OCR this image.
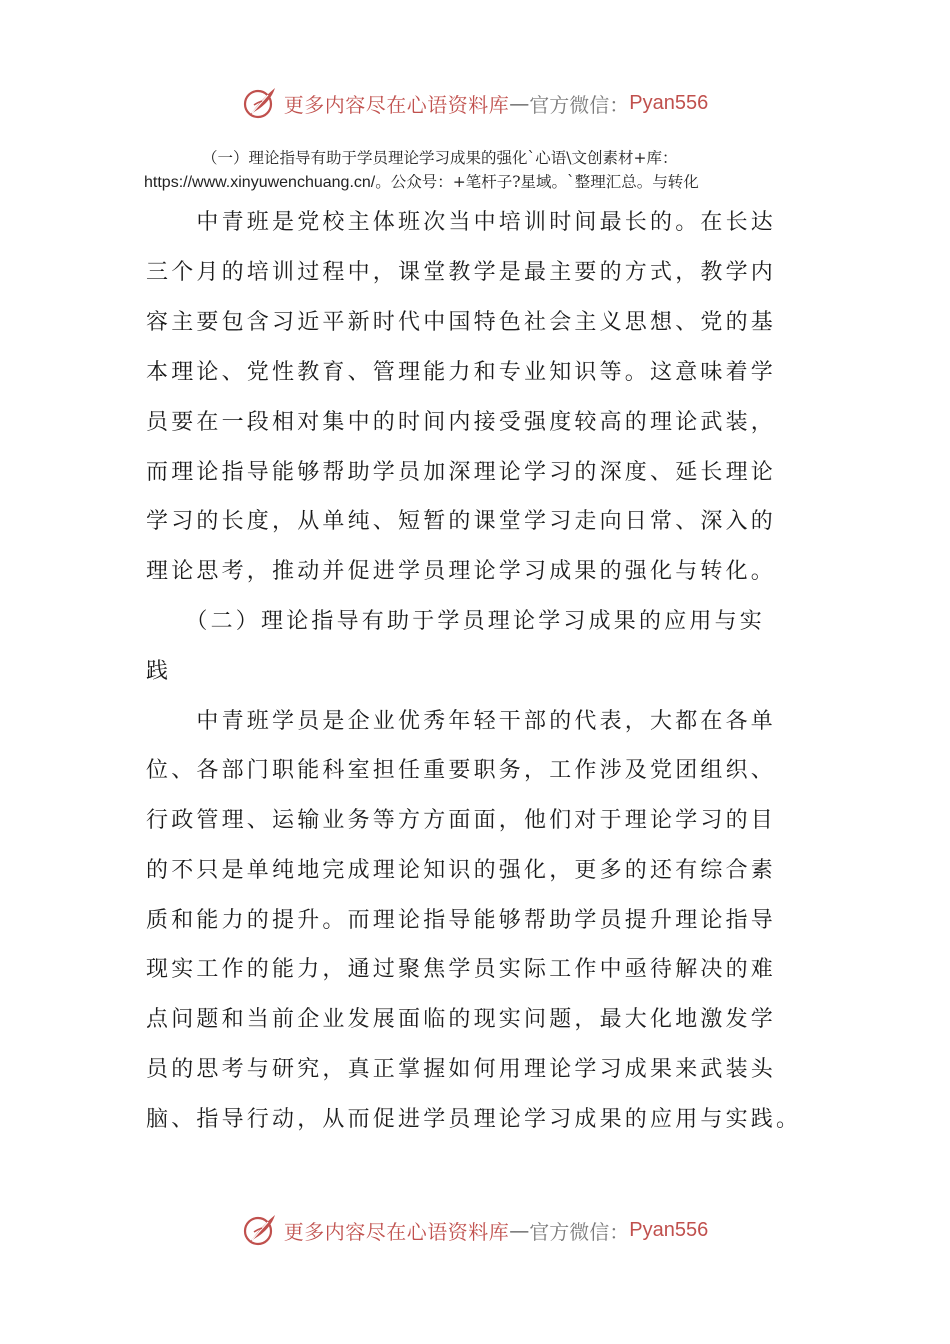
更多内容尽在心语资料库 — 官方微信： Pyan556
（一）理论指导有助于学员理论学习成果的强化`心语\文创素材+库：
https://www.xinyuwenchuang.cn/。公众号：+笔杆子?星域。`整理汇总。与转化
　　中青班是党校主体班次当中培训时间最长的。在长达
三个月的培训过程中，课堂教学是最主要的方式，教学内
容主要包含习近平新时代中国特色社会主义思想、党的基
本理论、党性教育、管理能力和专业知识等。这意味着学
员要在一段相对集中的时间内接受强度较高的理论武装，
而理论指导能够帮助学员加深理论学习的深度、延长理论
学习的长度，从单纯、短暂的课堂学习走向日常、深入的
理论思考，推动并促进学员理论学习成果的强化与转化。
　　（二）理论指导有助于学员理论学习成果的应用与实
践
　　中青班学员是企业优秀年轻干部的代表，大都在各单
位、各部门职能科室担任重要职务，工作涉及党团组织、
行政管理、运输业务等方方面面，他们对于理论学习的目
的不只是单纯地完成理论知识的强化，更多的还有综合素
质和能力的提升。而理论指导能够帮助学员提升理论指导
现实工作的能力，通过聚焦学员实际工作中亟待解决的难
点问题和当前企业发展面临的现实问题，最大化地激发学
员的思考与研究，真正掌握如何用理论学习成果来武装头
脑、指导行动，从而促进学员理论学习成果的应用与实践。
更多内容尽在心语资料库 — 官方微信： Pyan556
